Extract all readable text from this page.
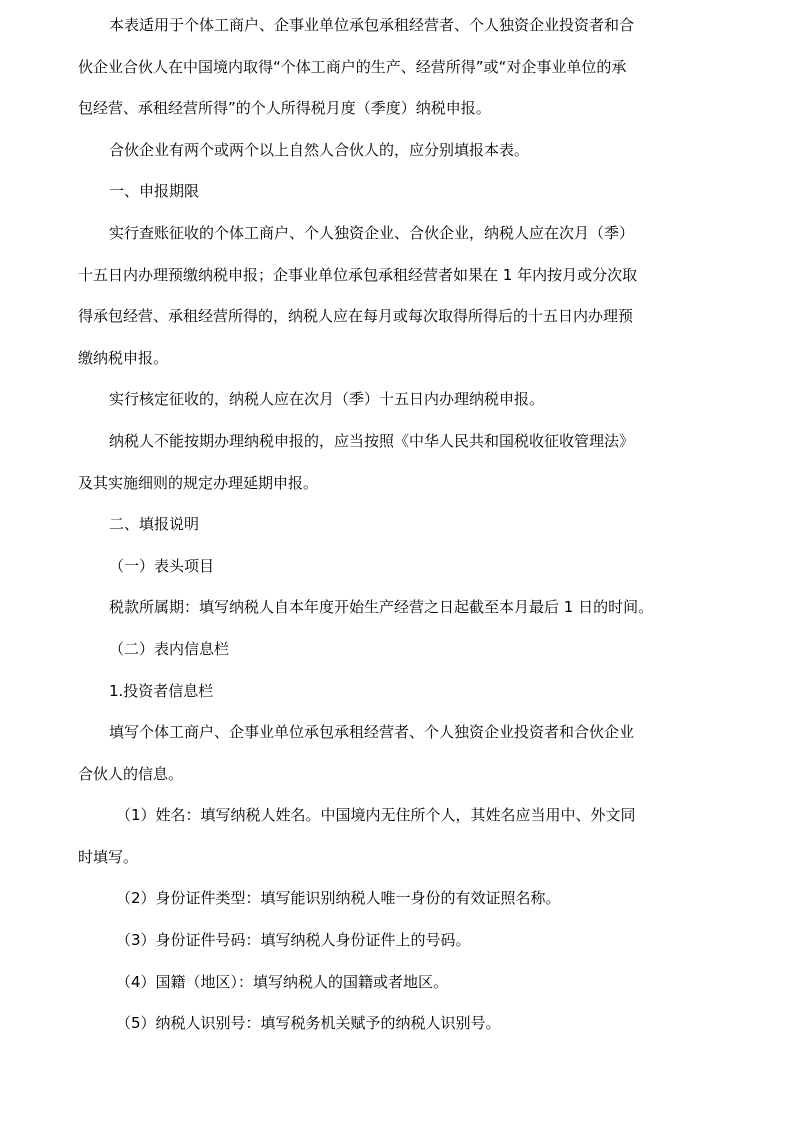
本表适用于个体工商户、企事业单位承包承租经营者、个人独资企业投资者和合

伙企业合伙人在中国境内取得“个体工商户的生产、经营所得”或“对企事业单位的承

包经营、承租经营所得”的个人所得税月度（季度）纳税申报。

合伙企业有两个或两个以上自然人合伙人的，应分别填报本表。

一、申报期限

实行查账征收的个体工商户、个人独资企业、合伙企业，纳税人应在次月（季）

十五日内办理预缴纳税申报；企事业单位承包承租经营者如果在 1 年内按月或分次取

得承包经营、承租经营所得的，纳税人应在每月或每次取得所得后的十五日内办理预

缴纳税申报。

实行核定征收的，纳税人应在次月（季）十五日内办理纳税申报。

纳税人不能按期办理纳税申报的，应当按照《中华人民共和国税收征收管理法》

及其实施细则的规定办理延期申报。

二、填报说明

（一）表头项目

税款所属期：填写纳税人自本年度开始生产经营之日起截至本月最后 1 日的时间。

（二）表内信息栏

1.投资者信息栏

填写个体工商户、企事业单位承包承租经营者、个人独资企业投资者和合伙企业

合伙人的信息。

（1）姓名：填写纳税人姓名。中国境内无住所个人，其姓名应当用中、外文同

时填写。

（2）身份证件类型：填写能识别纳税人唯一身份的有效证照名称。

（3）身份证件号码：填写纳税人身份证件上的号码。

（4）国籍（地区）：填写纳税人的国籍或者地区。

（5）纳税人识别号：填写税务机关赋予的纳税人识别号。
